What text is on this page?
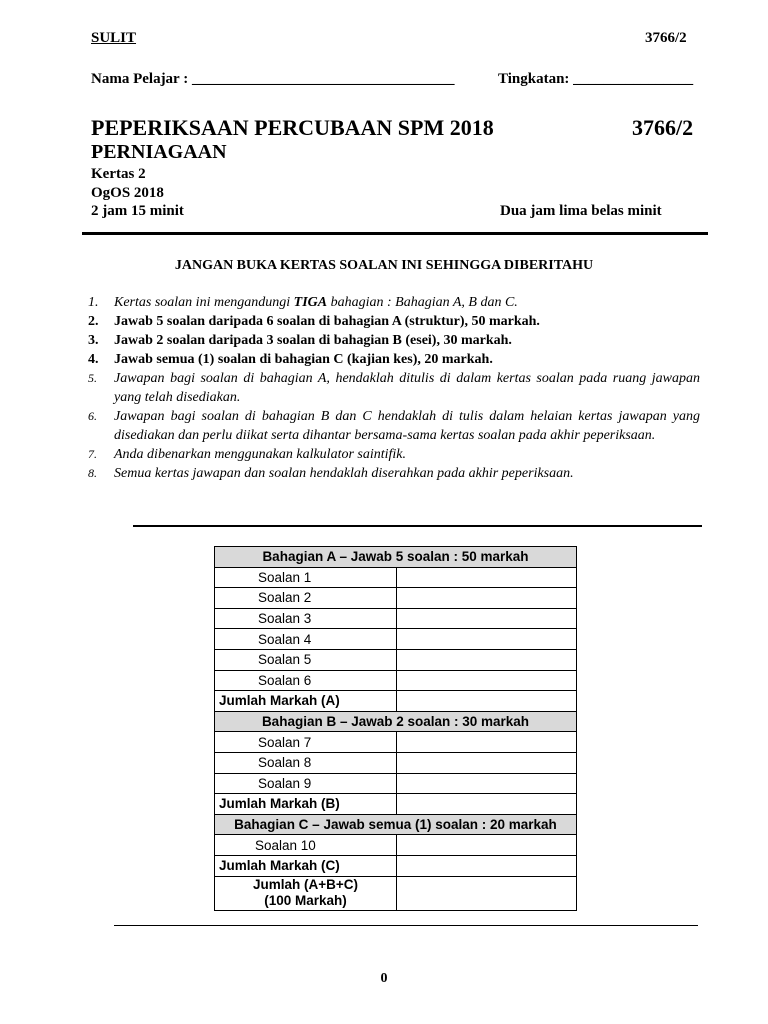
SULIT	3766/2
Nama Pelajar : ___________________________________	Tingkatan: ________________
PEPERIKSAAN PERCUBAAN SPM 2018	3766/2
PERNIAGAAN
Kertas 2
OgOS 2018
2 jam 15 minit	Dua jam lima belas minit
JANGAN BUKA KERTAS SOALAN INI SEHINGGA DIBERITAHU
1. Kertas soalan ini mengandungi TIGA bahagian : Bahagian A, B dan C.
2. Jawab 5 soalan daripada 6 soalan di bahagian A (struktur), 50 markah.
3. Jawab 2 soalan daripada 3 soalan di bahagian B (esei), 30 markah.
4. Jawab semua (1) soalan di bahagian C (kajian kes), 20 markah.
5. Jawapan bagi soalan di bahagian A, hendaklah ditulis di dalam kertas soalan pada ruang jawapan yang telah disediakan.
6. Jawapan bagi soalan di bahagian B dan C hendaklah di tulis dalam helaian kertas jawapan yang disediakan dan perlu diikat serta dihantar bersama-sama kertas soalan pada akhir peperiksaan.
7. Anda dibenarkan menggunakan kalkulator saintifik.
8. Semua kertas jawapan dan soalan hendaklah diserahkan pada akhir peperiksaan.
Bahagian A – Jawab 5 soalan : 50 markah	
Soalan 1	
Soalan 2	
Soalan 3	
Soalan 4	
Soalan 5	
Soalan 6	
Jumlah Markah (A)	
Bahagian B – Jawab 2 soalan : 30 markah	
Soalan 7	
Soalan 8	
Soalan 9	
Jumlah Markah (B)	
Bahagian C – Jawab semua (1) soalan : 20 markah	
Soalan 10	
Jumlah Markah (C)	

Jumlah (A+B+C)
(100 Markah)	

0
